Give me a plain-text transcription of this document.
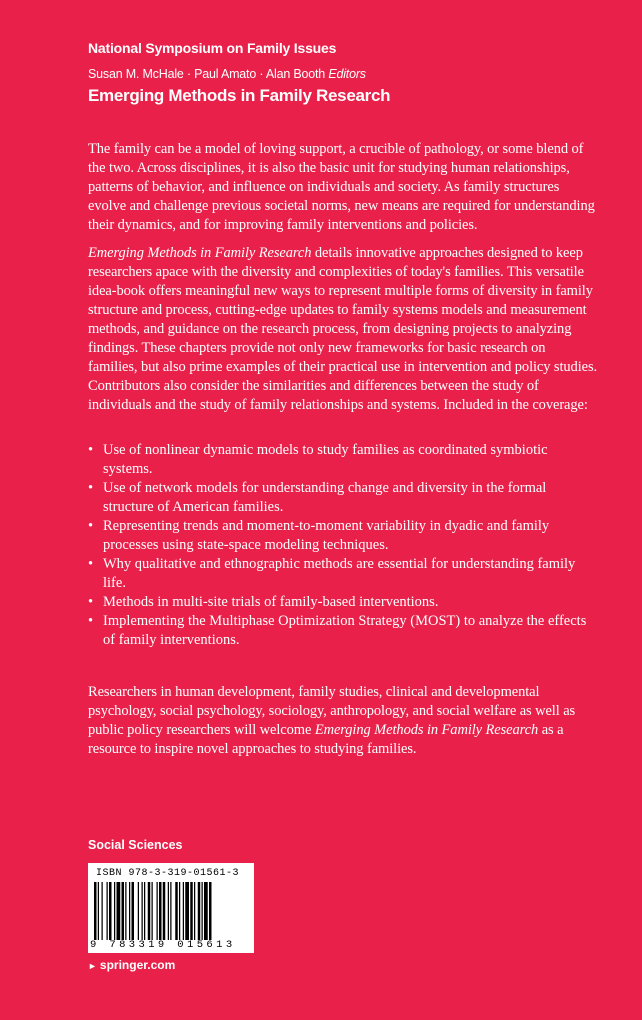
National Symposium on Family Issues
Susan M. McHale · Paul Amato · Alan Booth Editors
Emerging Methods in Family Research

The family can be a model of loving support, a crucible of pathology, or some blend of the two. Across disciplines, it is also the basic unit for studying human relationships, patterns of behavior, and influence on individuals and society. As family structures evolve and challenge previous societal norms, new means are required for understanding their dynamics, and for improving family interventions and policies.

Emerging Methods in Family Research details innovative approaches designed to keep researchers apace with the diversity and complexities of today's families. This versatile idea-book offers meaningful new ways to represent multiple forms of diversity in family structure and process, cutting-edge updates to family systems models and measurement methods, and guidance on the research process, from designing projects to analyzing findings. These chapters provide not only new frameworks for basic research on families, but also prime examples of their practical use in intervention and policy studies. Contributors also consider the similarities and differences between the study of individuals and the study of family relationships and systems. Included in the coverage:

• Use of nonlinear dynamic models to study families as coordinated symbiotic systems.
• Use of network models for understanding change and diversity in the formal structure of American families.
• Representing trends and moment-to-moment variability in dyadic and family processes using state-space modeling techniques.
• Why qualitative and ethnographic methods are essential for understanding family life.
• Methods in multi-site trials of family-based interventions.
• Implementing the Multiphase Optimization Strategy (MOST) to analyze the effects of family interventions.

Researchers in human development, family studies, clinical and developmental psychology, social psychology, sociology, anthropology, and social welfare as well as public policy researchers will welcome Emerging Methods in Family Research as a resource to inspire novel approaches to studying families.

Social Sciences
ISBN 978-3-319-01561-3
9 783319 015613
► springer.com
